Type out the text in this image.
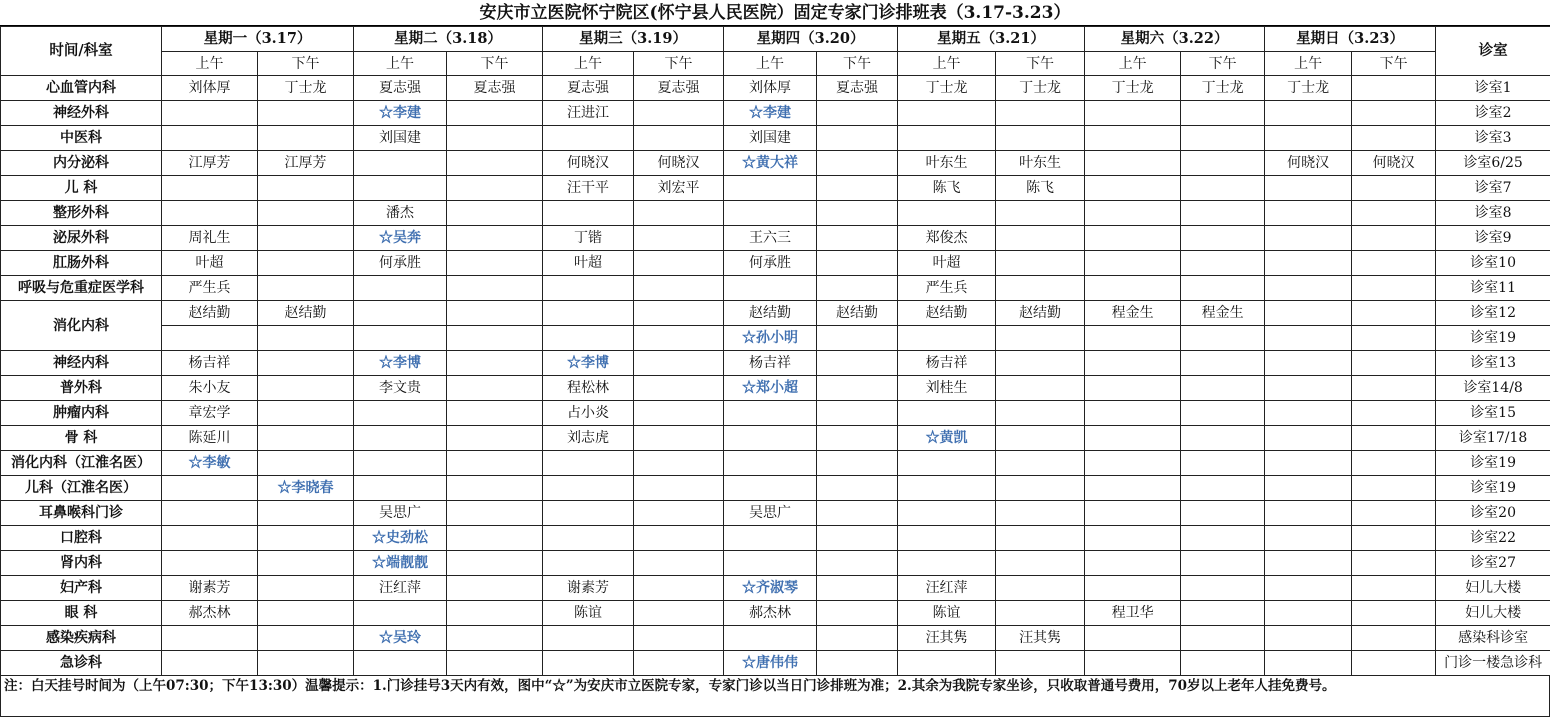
安庆市立医院怀宁院区(怀宁县人民医院）固定专家门诊排班表（3.17-3.23）
时间/科室	星期一（3.17）		星期二（3.18）		星期三（3.19）		星期四（3.20）		星期五（3.21）		星期六（3.22）		星期日（3.23）		诊室
	上午	下午	上午	下午	上午	下午	上午	下午	上午	下午	上午	下午	上午	下午	
心血管内科	刘体厚	丁士龙	夏志强	夏志强	夏志强	夏志强	刘体厚	夏志强	丁士龙	丁士龙	丁士龙	丁士龙	丁士龙		诊室1
神经外科			☆李建		汪进江		☆李建								诊室2
中医科			刘国建				刘国建								诊室3
内分泌科	江厚芳	江厚芳			何晓汉	何晓汉	☆黄大祥		叶东生	叶东生			何晓汉	何晓汉	诊室6/25
儿 科					汪干平	刘宏平			陈飞	陈飞					诊室7
整形外科			潘杰												诊室8
泌尿外科	周礼生		☆吴奔		丁锴		王六三		郑俊杰						诊室9
肛肠外科	叶超		何承胜		叶超		何承胜		叶超						诊室10
呼吸与危重症医学科	严生兵								严生兵						诊室11
消化内科	赵结勤	赵结勤					赵结勤	赵结勤	赵结勤	赵结勤	程金生	程金生			诊室12
							☆孙小明								诊室19
神经内科	杨吉祥		☆李博		☆李博		杨吉祥		杨吉祥						诊室13
普外科	朱小友		李文贵		程松林		☆郑小超		刘桂生						诊室14/8
肿瘤内科	章宏学				占小炎										诊室15
骨 科	陈延川				刘志虎				☆黄凯						诊室17/18
消化内科（江淮名医）	☆李敏														诊室19
儿科（江淮名医）		☆李晓春													诊室19
耳鼻喉科门诊			吴思广				吴思广								诊室20
口腔科			☆史劲松												诊室22
肾内科			☆端靓靓												诊室27
妇产科	谢素芳		汪红萍		谢素芳		☆齐淑琴		汪红萍						妇儿大楼
眼 科	郝杰林				陈谊		郝杰林		陈谊		程卫华				妇儿大楼
感染疾病科			☆吴玲						汪其隽	汪其隽					感染科诊室
急诊科							☆唐伟伟								门诊一楼急诊科
注：白天挂号时间为（上午07:30；下午13:30）温馨提示：1.门诊挂号3天内有效，图中“☆”为安庆市立医院专家，专家门诊以当日门诊排班为准；2.其余为我院专家坐诊，只收取普通号费用，70岁以上老年人挂免费号。
